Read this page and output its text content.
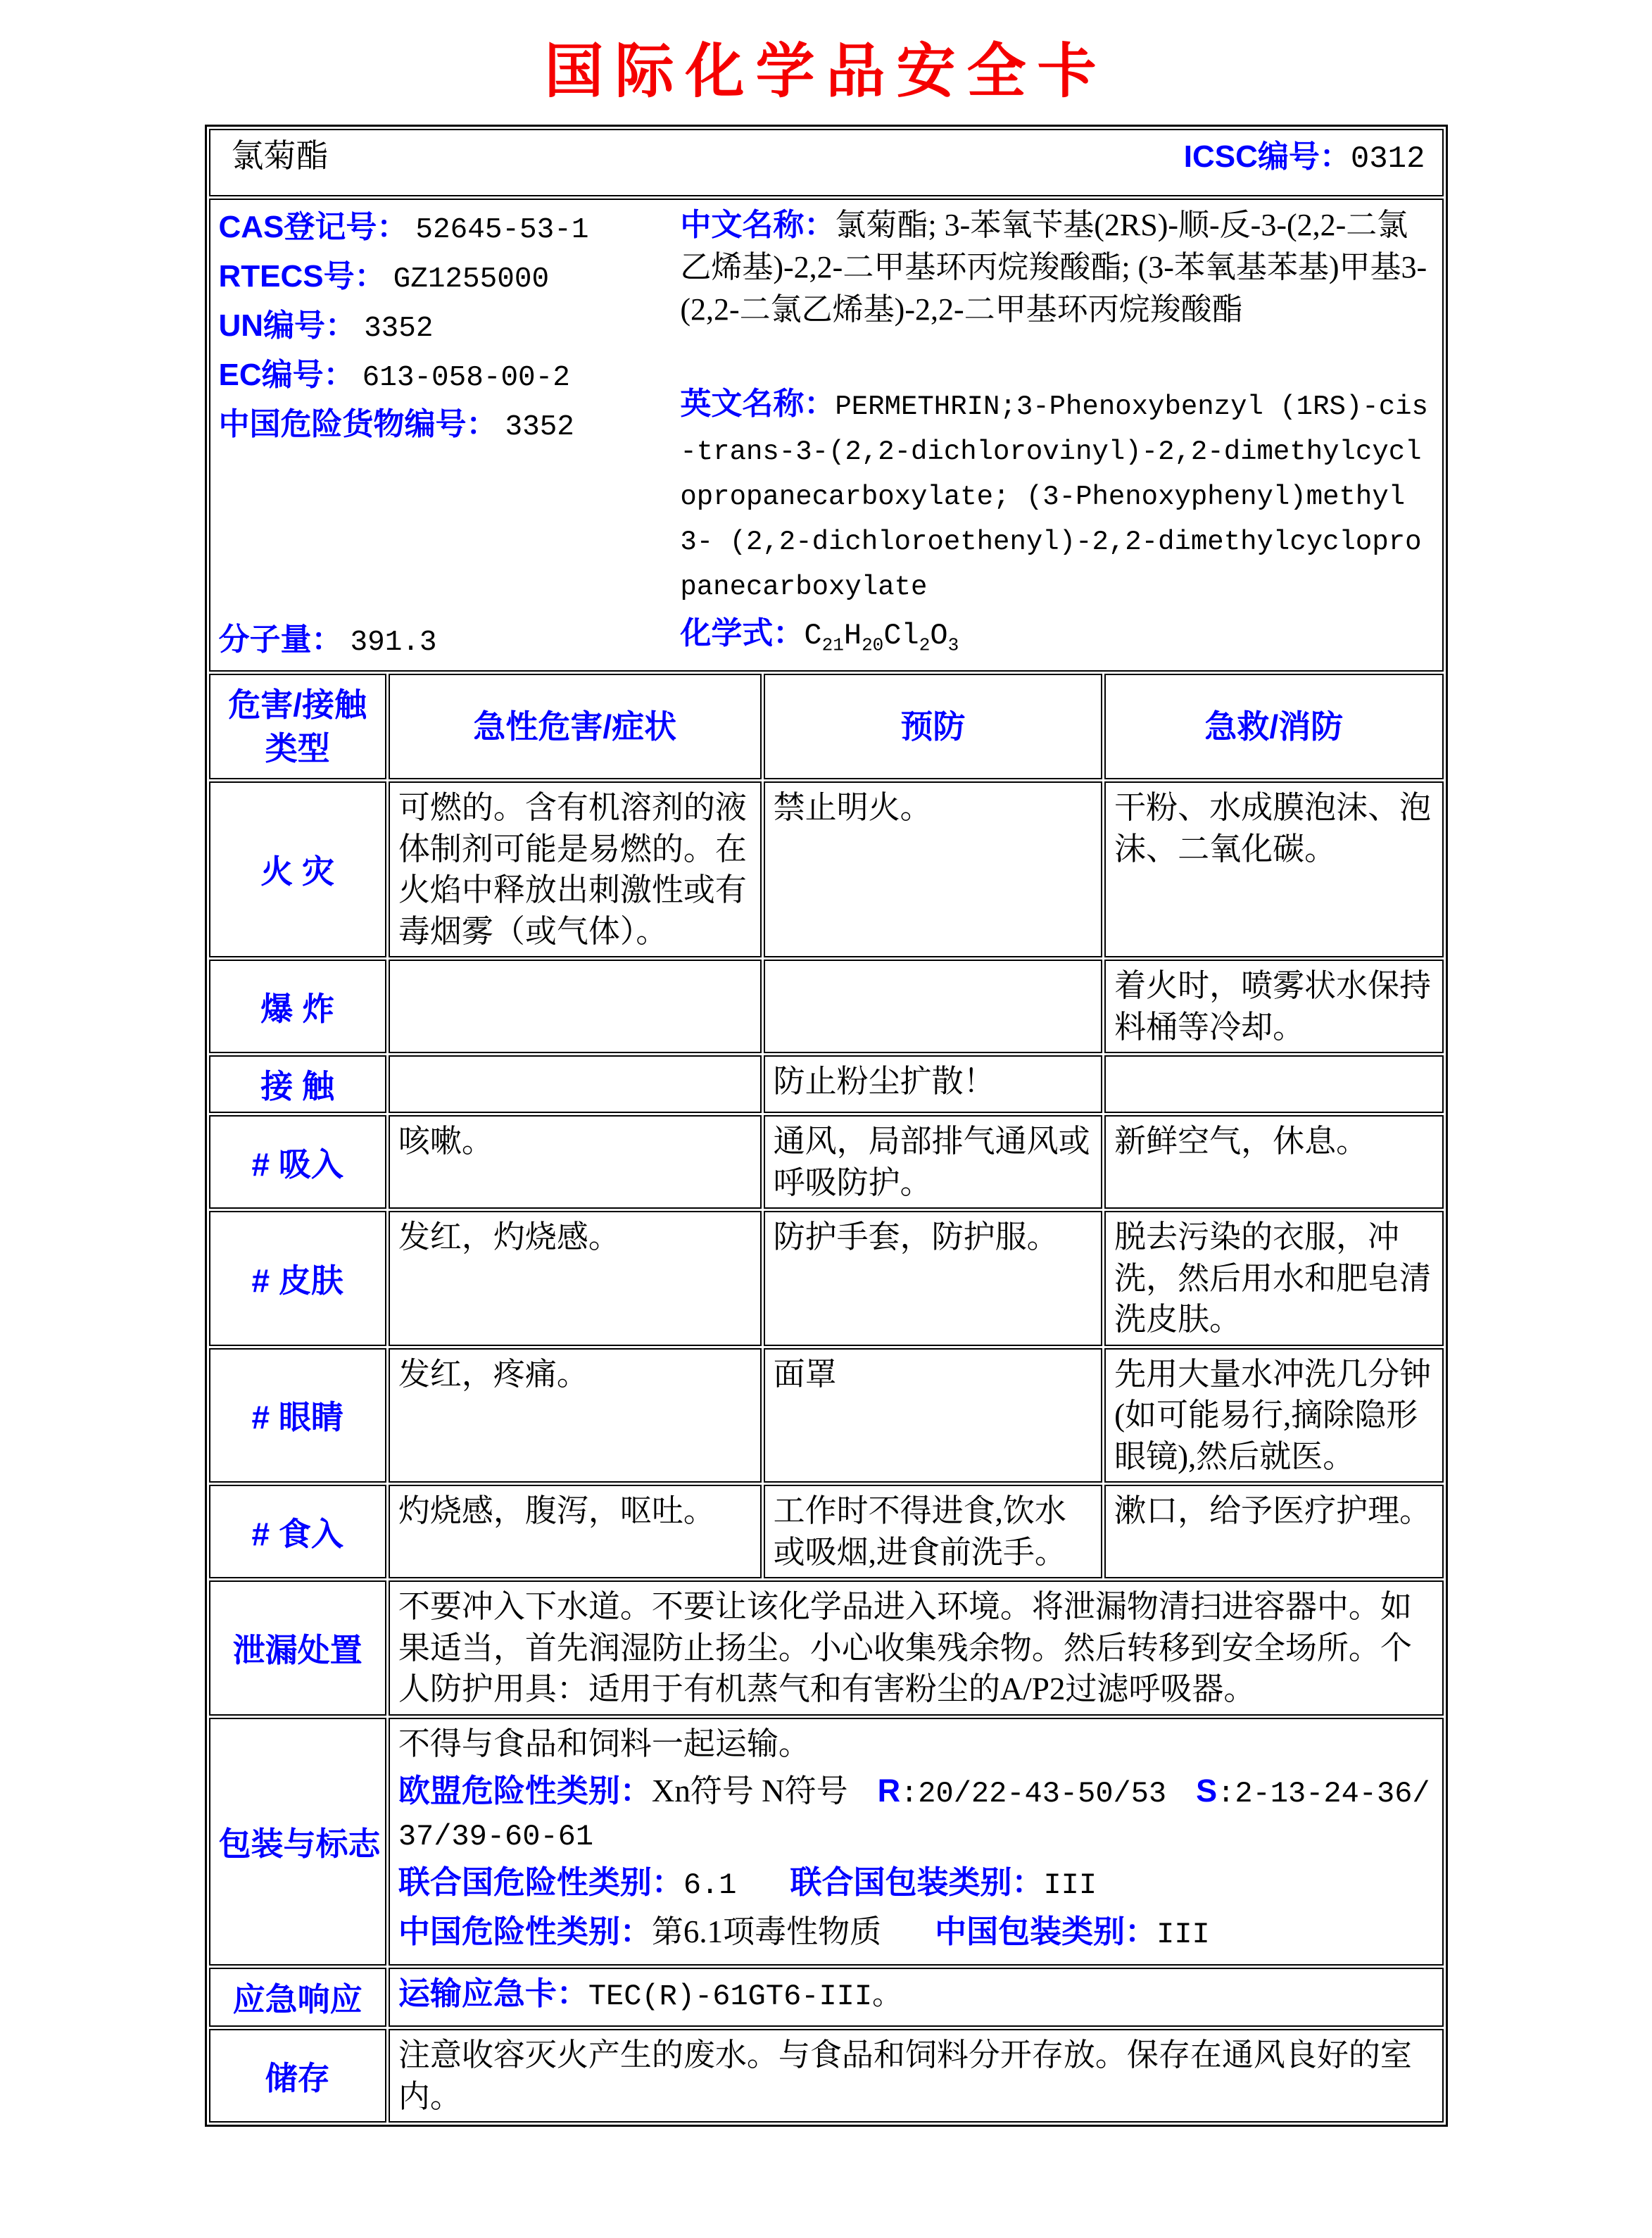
国际化学品安全卡
氯菊酯 ICSC编号：0312			

CAS登记号： 52645-53-1
RTECS号： GZ1255000
UN编号： 3352
EC编号： 613-058-00-2
中国危险货物编号： 3352
分子量： 391.3

中文名称：氯菊酯; 3-苯氧苄基(2RS)-顺-反-3-(2,2-二氯乙烯基)-2,2-二甲基环丙烷羧酸酯; (3-苯氧基苯基)甲基3-(2,2-二氯乙烯基)-2,2-二甲基环丙烷羧酸酯

英文名称：PERMETHRIN;3-Phenoxybenzyl (1RS)-cis-trans-3-(2,2-dichlorovinyl)-2,2-dimethylcyclopropanecarboxylate; (3-Phenoxyphenyl)methyl 3- (2,2-dichloroethenyl)-2,2-dimethylcyclopropanecarboxylate

化学式：$C_{21}H_{20}Cl_2O_3$

危害/接触类型	急性危害/症状	预防	急救/消防
火 灾	可燃的。含有机溶剂的液体制剂可能是易燃的。在火焰中释放出刺激性或有毒烟雾（或气体）。	禁止明火。	干粉、水成膜泡沫、泡沫、二氧化碳。
爆 炸			着火时，喷雾状水保持料桶等冷却。
接 触		防止粉尘扩散！	
# 吸入	咳嗽。	通风，局部排气通风或呼吸防护。	新鲜空气，休息。
# 皮肤	发红，灼烧感。	防护手套，防护服。	脱去污染的衣服，冲洗，然后用水和肥皂清洗皮肤。
# 眼睛	发红，疼痛。	面罩	先用大量水冲洗几分钟(如可能易行,摘除隐形眼镜),然后就医。
# 食入	灼烧感，腹泻，呕吐。	工作时不得进食,饮水或吸烟,进食前洗手。	漱口，给予医疗护理。
泄漏处置	不要冲入下水道。不要让该化学品进入环境。将泄漏物清扫进容器中。如果适当，首先润湿防止扬尘。小心收集残余物。然后转移到安全场所。个人防护用具：适用于有机蒸气和有害粉尘的A/P2过滤呼吸器。		
包装与标志	不得与食品和饲料一起运输。
欧盟危险性类别：Xn符号 N符号 R:20/22-43-50/53 S:2-13-24-36/37/39-60-61
联合国危险性类别：6.1 联合国包装类别：III
中国危险性类别：第6.1项毒性物质 中国包装类别：III		

应急响应	运输应急卡：TEC(R)-61GT6-III。		
储存	注意收容灭火产生的废水。与食品和饲料分开存放。保存在通风良好的室内。		
